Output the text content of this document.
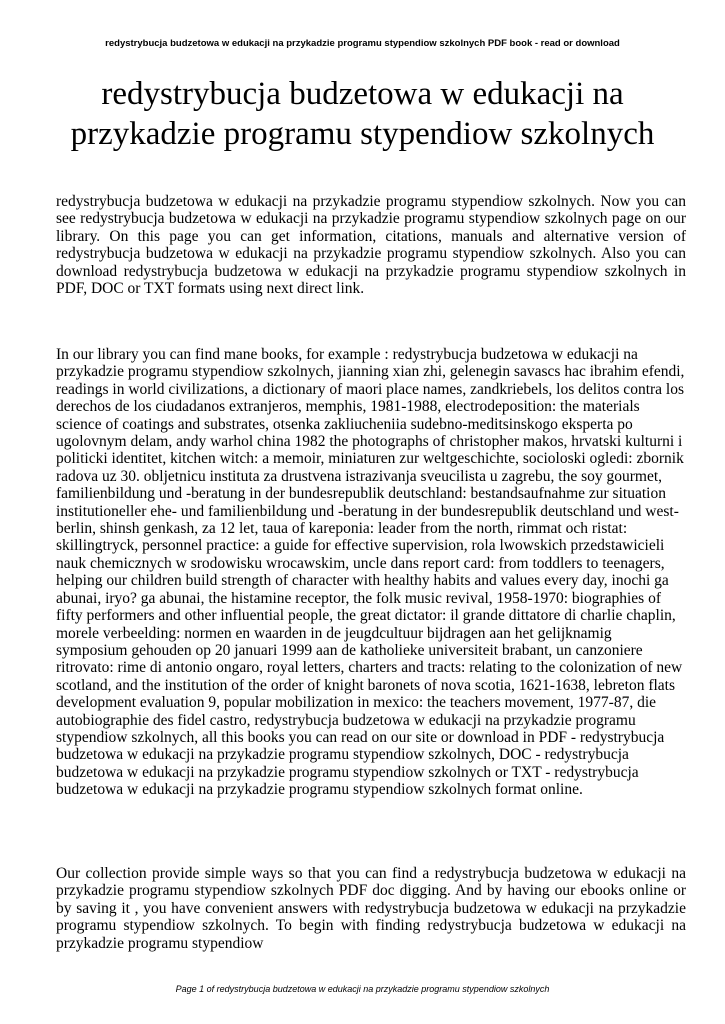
redystrybucja budzetowa w edukacji na przykadzie programu stypendiow szkolnych PDF book - read or download
redystrybucja budzetowa w edukacji na przykadzie programu stypendiow szkolnych

redystrybucja budzetowa w edukacji na przykadzie programu stypendiow szkolnych. Now you can see redystrybucja budzetowa w edukacji na przykadzie programu stypendiow szkolnych page on our library. On this page you can get information, citations, manuals and alternative version of redystrybucja budzetowa w edukacji na przykadzie programu stypendiow szkolnych. Also you can download redystrybucja budzetowa w edukacji na przykadzie programu stypendiow szkolnych in PDF, DOC or TXT formats using next direct link.

In our library you can find mane books, for example : redystrybucja budzetowa w edukacji na przykadzie programu stypendiow szkolnych, jianning xian zhi, gelenegin savascs hac ibrahim efendi, readings in world civilizations, a dictionary of maori place names, zandkriebels, los delitos contra los derechos de los ciudadanos extranjeros, memphis, 1981-1988, electrodeposition: the materials science of coatings and substrates, otsenka zakliucheniia sudebno-meditsinskogo eksperta po ugolovnym delam, andy warhol china 1982 the photographs of christopher makos, hrvatski kulturni i politicki identitet, kitchen witch: a memoir, miniaturen zur weltgeschichte, socioloski ogledi: zbornik radova uz 30. obljetnicu instituta za drustvena istrazivanja sveucilista u zagrebu, the soy gourmet, familienbildung und -beratung in der bundesrepublik deutschland: bestandsaufnahme zur situation institutioneller ehe- und familienbildung und -beratung in der bundesrepublik deutschland und west-berlin, shinsh genkash, za 12 let, taua of kareponia: leader from the north, rimmat och ristat: skillingtryck, personnel practice: a guide for effective supervision, rola lwowskich przedstawicieli nauk chemicznych w srodowisku wrocawskim, uncle dans report card: from toddlers to teenagers, helping our children build strength of character with healthy habits and values every day, inochi ga abunai, iryo? ga abunai, the histamine receptor, the folk music revival, 1958-1970: biographies of fifty performers and other influential people, the great dictator: il grande dittatore di charlie chaplin, morele verbeelding: normen en waarden in de jeugdcultuur bijdragen aan het gelijknamig symposium gehouden op 20 januari 1999 aan de katholieke universiteit brabant, un canzoniere ritrovato: rime di antonio ongaro, royal letters, charters and tracts: relating to the colonization of new scotland, and the institution of the order of knight baronets of nova scotia, 1621-1638, lebreton flats development evaluation 9, popular mobilization in mexico: the teachers movement, 1977-87, die autobiographie des fidel castro, redystrybucja budzetowa w edukacji na przykadzie programu stypendiow szkolnych, all this books you can read on our site or download in PDF - redystrybucja budzetowa w edukacji na przykadzie programu stypendiow szkolnych, DOC - redystrybucja budzetowa w edukacji na przykadzie programu stypendiow szkolnych or TXT - redystrybucja budzetowa w edukacji na przykadzie programu stypendiow szkolnych format online.

Our collection provide simple ways so that you can find a redystrybucja budzetowa w edukacji na przykadzie programu stypendiow szkolnych PDF doc digging. And by having our ebooks online or by saving it , you have convenient answers with redystrybucja budzetowa w edukacji na przykadzie programu stypendiow szkolnych. To begin with finding redystrybucja budzetowa w edukacji na przykadzie programu stypendiow

Page 1 of redystrybucja budzetowa w edukacji na przykadzie programu stypendiow szkolnych
